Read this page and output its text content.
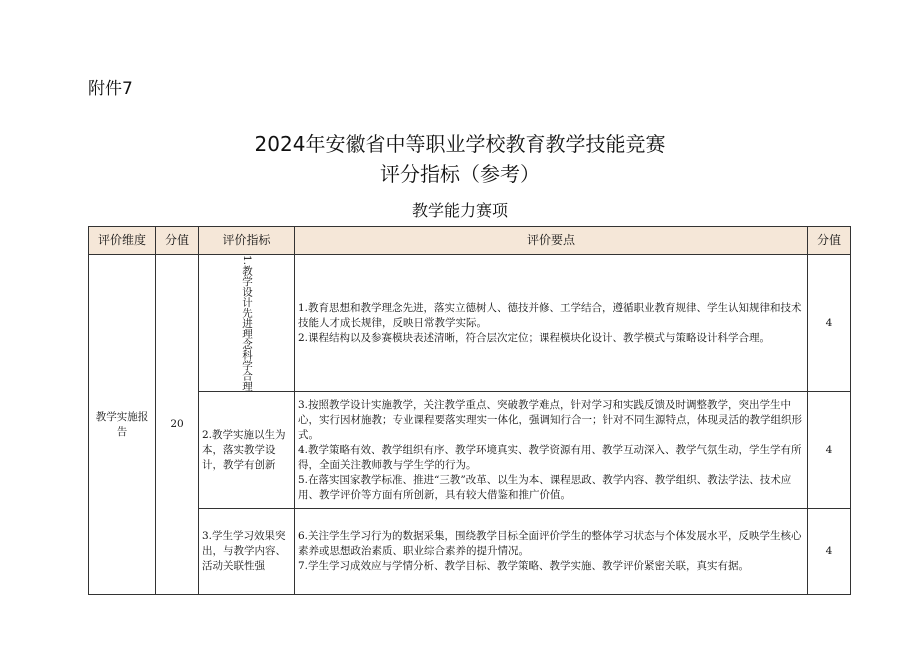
附件7
2024年安徽省中等职业学校教育教学技能竞赛
评分指标（参考）
教学能力赛项
评价维度	分值	评价指标	评价要点	分值
教学实施报告	20	1.教学设计先进理念科学合理	1.教育思想和教学理念先进，落实立德树人、德技并修、工学结合，遵循职业教育规律、学生认知规律和技术技能人才成长规律，反映日常教学实际。
2.课程结构以及参赛模块表述清晰，符合层次定位；课程模块化设计、教学模式与策略设计科学合理。	4
		2.教学实施以生为本，落实教学设计，教学有创新	3.按照教学设计实施教学，关注教学重点、突破教学难点，针对学习和实践反馈及时调整教学，突出学生中心，实行因材施教；专业课程要落实理实一体化，强调知行合一；针对不同生源特点，体现灵活的教学组织形式。
4.教学策略有效、教学组织有序、教学环境真实、教学资源有用、教学互动深入、教学气氛生动，学生学有所得，全面关注教师教与学生学的行为。
5.在落实国家教学标准、推进“三教”改革、以生为本、课程思政、教学内容、教学组织、教法学法、技术应用、教学评价等方面有所创新，具有较大借鉴和推广价值。	4
		3.学生学习效果突出，与教学内容、活动关联性强	6.关注学生学习行为的数据采集，围绕教学目标全面评价学生的整体学习状态与个体发展水平，反映学生核心素养或思想政治素质、职业综合素养的提升情况。
7.学生学习成效应与学情分析、教学目标、教学策略、教学实施、教学评价紧密关联，真实有据。	4
